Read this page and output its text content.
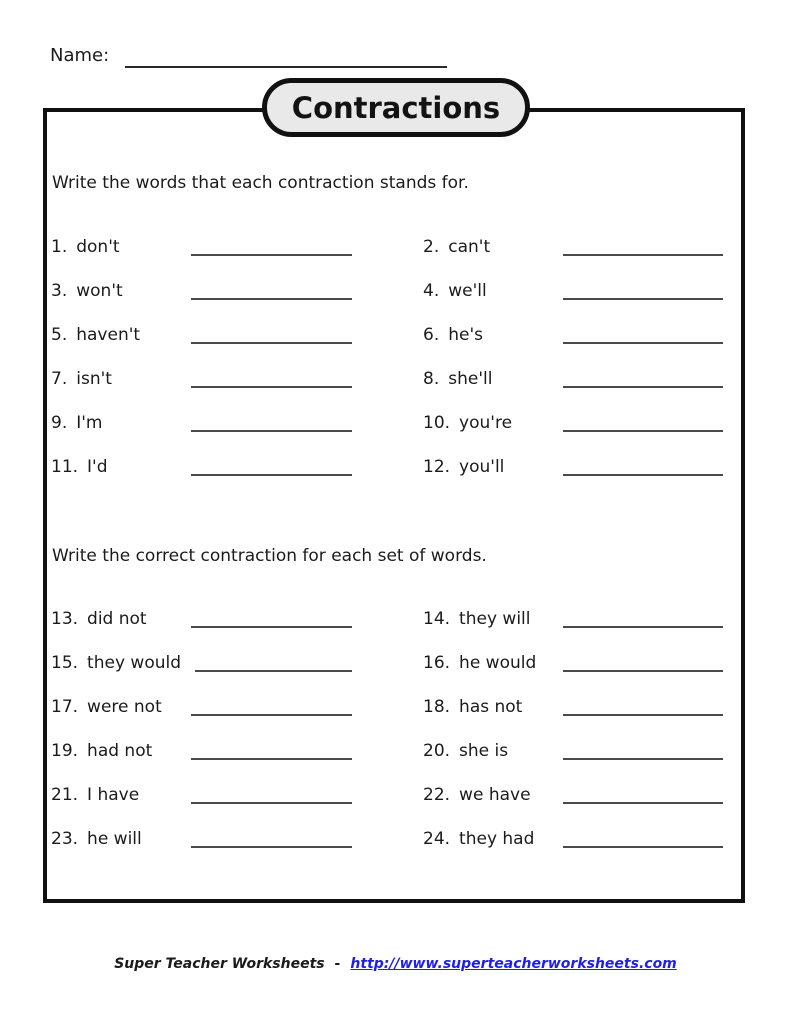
Name:
Contractions
Write the words that each contraction stands for.
1. don't	2. can't
3. won't	4. we'll
5. haven't	6. he's
7. isn't	8. she'll
9. I'm	10. you're
11. I'd	12. you'll
Write the correct contraction for each set of words.
13. did not	14. they will
15. they would	16. he would
17. were not	18. has not
19. had not	20. she is
21. I have	22. we have
23. he will	24. they had
Super Teacher Worksheets - http://www.superteacherworksheets.com
